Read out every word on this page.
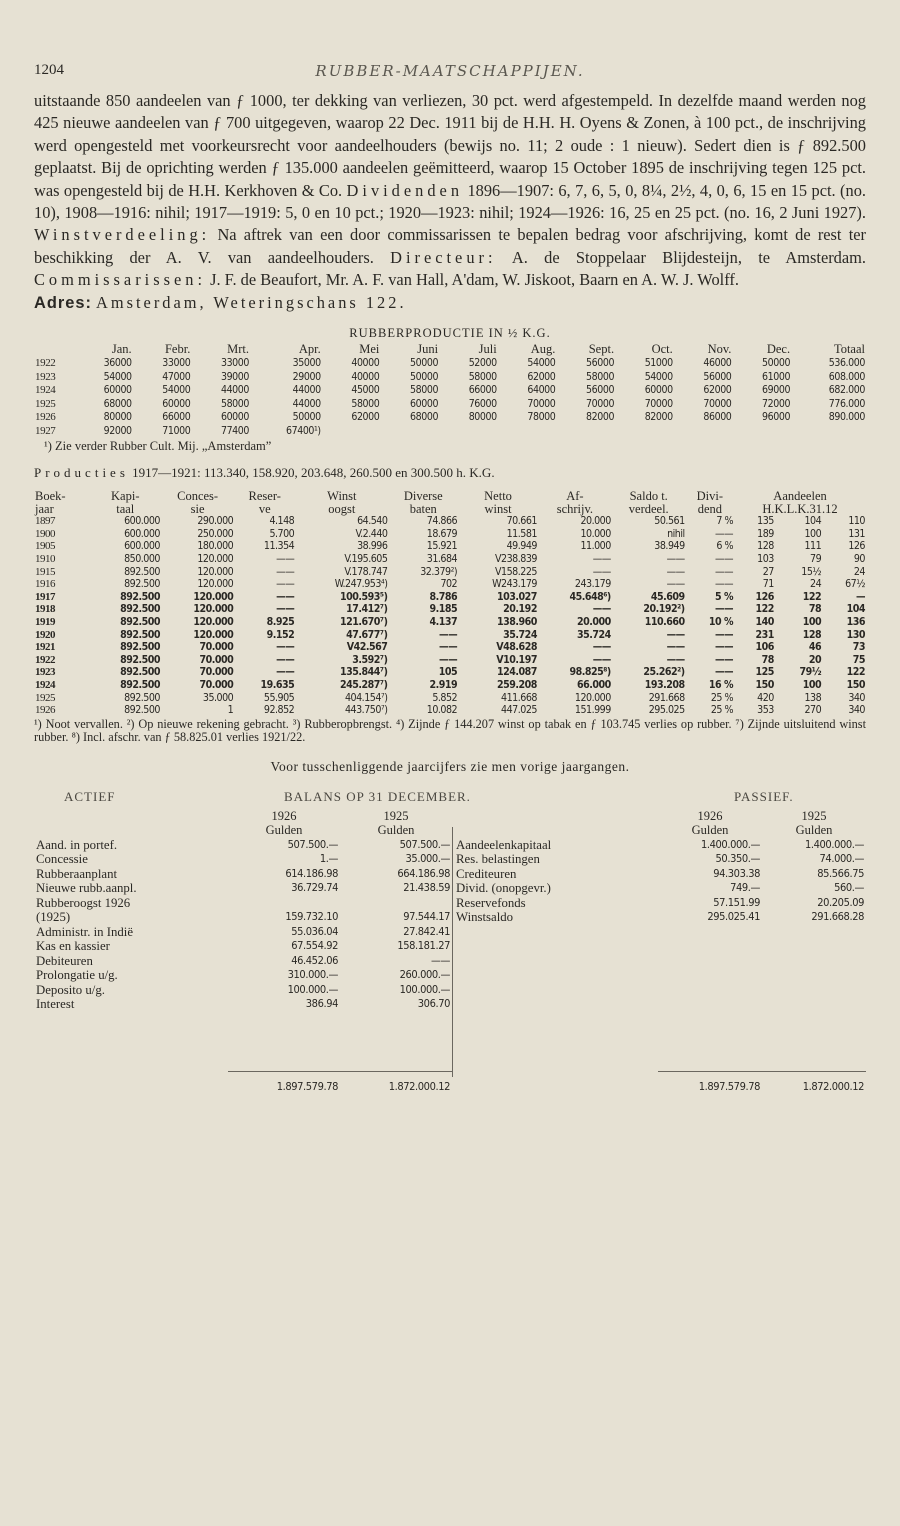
1204	RUBBER-MAATSCHAPPIJEN.

uitstaande 850 aandeelen van ƒ 1000, ter dekking van verliezen, 30 pct. werd afgestempeld. In dezelfde maand werden nog 425 nieuwe aandeelen van ƒ 700 uitgegeven, waarop 22 Dec. 1911 bij de H.H. H. Oyens & Zonen, à 100 pct., de inschrijving werd opengesteld met voorkeursrecht voor aandeelhouders (bewijs no. 11; 2 oude : 1 nieuw). Sedert dien is ƒ 892.500 geplaatst. Bij de oprichting werden ƒ 135.000 aandeelen geëmitteerd, waarop 15 October 1895 de inschrijving tegen 125 pct. was opengesteld bij de H.H. Kerkhoven & Co. Dividenden 1896—1907: 6, 7, 6, 5, 0, 8¼, 2½, 4, 0, 6, 15 en 15 pct. (no. 10), 1908—1916: nihil; 1917—1919: 5, 0 en 10 pct.; 1920—1923: nihil; 1924—1926: 16, 25 en 25 pct. (no. 16, 2 Juni 1927). Winstverdeeling: Na aftrek van een door commissarissen te bepalen bedrag voor afschrijving, komt de rest ter beschikking der A. V. van aandeelhouders. Directeur: A. de Stoppelaar Blijdesteijn, te Amsterdam. Commissarissen: J. F. de Beaufort, Mr. A. F. van Hall, A'dam, W. Jiskoot, Baarn en A. W. J. Wolff.

Adres: Amsterdam, Weteringschans 122.

RUBBERPRODUCTIE IN ½ K.G.
	Jan.	Febr.	Mrt.	Apr.	Mei	Juni	Juli	Aug.	Sept.	Oct.	Nov.	Dec.	Totaal
1922	36000	33000	33000	35000	40000	50000	52000	54000	56000	51000	46000	50000	536.000
1923	54000	47000	39000	29000	40000	50000	58000	62000	58000	54000	56000	61000	608.000
1924	60000	54000	44000	44000	45000	58000	66000	64000	56000	60000	62000	69000	682.000
1925	68000	60000	58000	44000	58000	60000	76000	70000	70000	70000	70000	72000	776.000
1926	80000	66000	60000	50000	62000	68000	80000	78000	82000	82000	86000	96000	890.000
1927	92000	71000	77400	67400¹)									
¹) Zie verder Rubber Cult. Mij. „Amsterdam”
Producties 1917—1921: 113.340, 158.920, 203.648, 260.500 en 300.500 h. K.G.
Boek-	Kapi-	Conces-	Reser-	Winst	Diverse	Netto	Af-	Saldo t.	Divi-	Aandeelen		
jaar	taal	sie	ve	oogst	baten	winst	schrijv.	verdeel.	dend	H.K.L.K.31.12		
1897	600.000	290.000	4.148	64.540	74.866	70.661	20.000	50.561	7 %	135	104	110
1900	600.000	250.000	5.700	V.2.440	18.679	11.581	10.000	nihil	——	189	100	131
1905	600.000	180.000	11.354	38.996	15.921	49.949	11.000	38.949	6 %	128	111	126
1910	850.000	120.000	——	V.195.605	31.684	V238.839	——	——	——	103	79	90
1915	892.500	120.000	——	V.178.747	32.379²)	V158.225	——	——	——	27	15½	24
1916	892.500	120.000	——	W.247.953⁴)	702	W243.179	243.179	——	——	71	24	67½
1917	892.500	120.000	——	100.593⁵)	8.786	103.027	45.648⁶)	45.609	5 %	126	122	—
1918	892.500	120.000	——	17.412⁷)	9.185	20.192	——	20.192²)	——	122	78	104
1919	892.500	120.000	8.925	121.670⁷)	4.137	138.960	20.000	110.660	10 %	140	100	136
1920	892.500	120.000	9.152	47.677⁷)	——	35.724	35.724	——	——	231	128	130
1921	892.500	70.000	——	V42.567	——	V48.628	——	——	——	106	46	73
1922	892.500	70.000	——	3.592⁷)	——	V10.197	——	——	——	78	20	75
1923	892.500	70.000	——	135.844⁷)	105	124.087	98.825⁸)	25.262²)	——	125	79½	122
1924	892.500	70.000	19.635	245.287⁷)	2.919	259.208	66.000	193.208	16 %	150	100	150
1925	892.500	35.000	55.905	404.154⁷)	5.852	411.668	120.000	291.668	25 %	420	138	340
1926	892.500	1	92.852	443.750⁷)	10.082	447.025	151.999	295.025	25 %	353	270	340
¹) Noot vervallen. ²) Op nieuwe rekening gebracht. ³) Rubberopbrengst. ⁴) Zijnde ƒ 144.207 winst op tabak en ƒ 103.745 verlies op rubber. ⁷) Zijnde uitsluitend winst rubber. ⁸) Incl. afschr. van ƒ 58.825.01 verlies 1921/22.
Voor tusschenliggende jaarcijfers zie men vorige jaargangen.
ACTIEF	BALANS OP 31 DECEMBER.	PASSIEF.
	1926	1925
	Gulden	Gulden
Aand. in portef.	507.500.—	507.500.—
Concessie	1.—	35.000.—
Rubberaanplant	614.186.98	664.186.98
Nieuwe rubb.aanpl.	36.729.74	21.438.59
Rubberoogst 1926		
(1925)	159.732.10	97.544.17
Administr. in Indië	55.036.04	27.842.41
Kas en kassier	67.554.92	158.181.27
Debiteuren	46.452.06	——
Prolongatie u/g.	310.000.—	260.000.—
Deposito u/g.	100.000.—	100.000.—
Interest	386.94	306.70
	1926	1925
	Gulden	Gulden
Aandeelenkapitaal	1.400.000.—	1.400.000.—
Res. belastingen	50.350.—	74.000.—
Crediteuren	94.303.38	85.566.75
Divid. (onopgevr.)	749.—	560.—
Reservefonds	57.151.99	20.205.09
Winstsaldo	295.025.41	291.668.28
	1.897.579.78	1.872.000.12
		1.897.579.78	1.872.000.12
